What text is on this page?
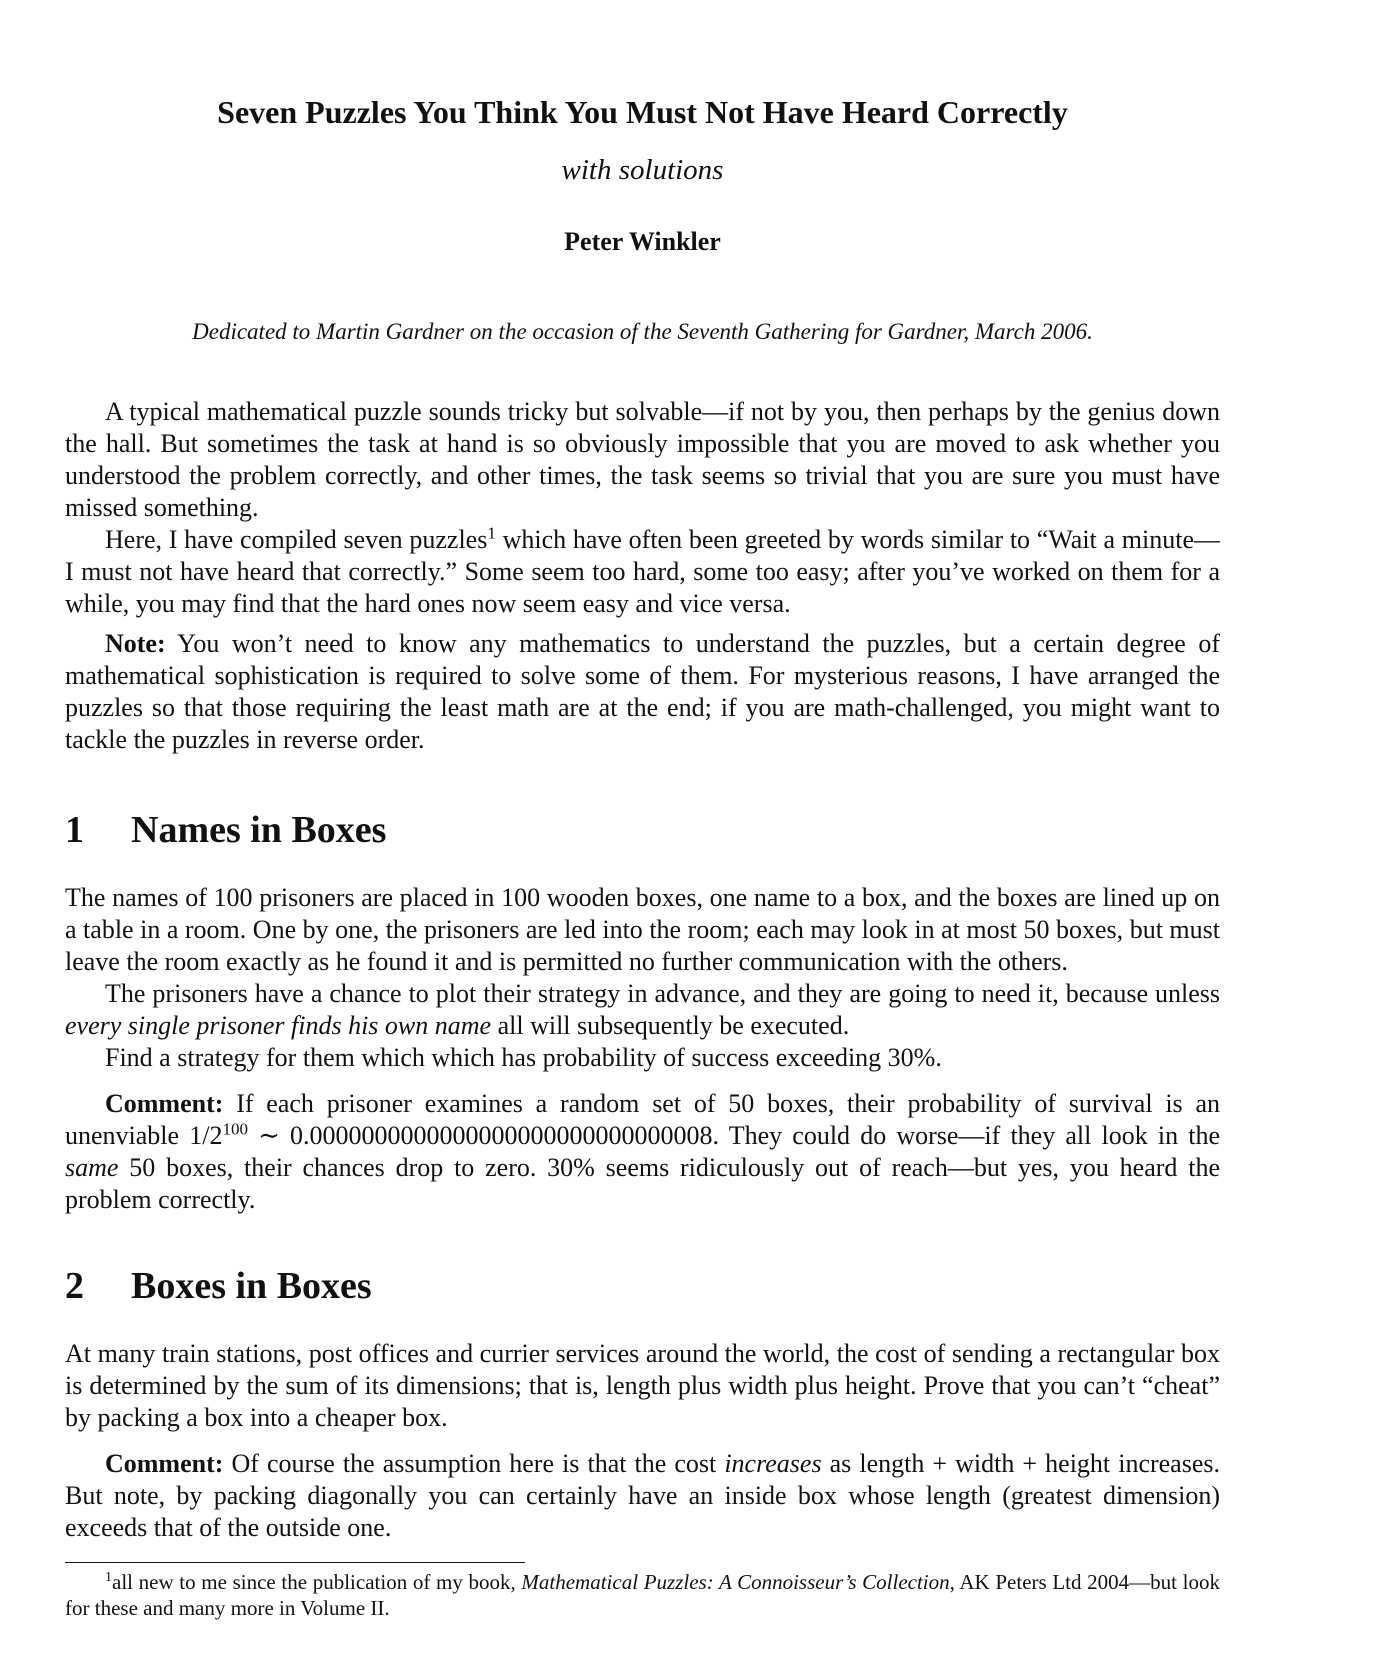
Seven Puzzles You Think You Must Not Have Heard Correctly
with solutions
Peter Winkler
Dedicated to Martin Gardner on the occasion of the Seventh Gathering for Gardner, March 2006.

A typical mathematical puzzle sounds tricky but solvable—if not by you, then perhaps by the genius down the hall. But sometimes the task at hand is so obviously impossible that you are moved to ask whether you understood the problem correctly, and other times, the task seems so trivial that you are sure you must have missed something.

Here, I have compiled seven puzzles$^1$ which have often been greeted by words similar to “Wait a minute—I must not have heard that correctly.” Some seem too hard, some too easy; after you’ve worked on them for a while, you may find that the hard ones now seem easy and vice versa.

Note: You won’t need to know any mathematics to understand the puzzles, but a certain degree of mathematical sophistication is required to solve some of them. For mysterious reasons, I have arranged the puzzles so that those requiring the least math are at the end; if you are math-challenged, you might want to tackle the puzzles in reverse order.

1 Names in Boxes

The names of 100 prisoners are placed in 100 wooden boxes, one name to a box, and the boxes are lined up on a table in a room. One by one, the prisoners are led into the room; each may look in at most 50 boxes, but must leave the room exactly as he found it and is permitted no further communication with the others.

The prisoners have a chance to plot their strategy in advance, and they are going to need it, because unless every single prisoner finds his own name all will subsequently be executed.

Find a strategy for them which which has probability of success exceeding 30%.

Comment: If each prisoner examines a random set of 50 boxes, their probability of survival is an unenviable $1/2^{100}$ ∼ 0.0000000000000000000000000000008. They could do worse—if they all look in the same 50 boxes, their chances drop to zero. 30% seems ridiculously out of reach—but yes, you heard the problem correctly.

2 Boxes in Boxes

At many train stations, post offices and currier services around the world, the cost of sending a rectangular box is determined by the sum of its dimensions; that is, length plus width plus height. Prove that you can’t “cheat” by packing a box into a cheaper box.

Comment: Of course the assumption here is that the cost increases as length + width + height increases. But note, by packing diagonally you can certainly have an inside box whose length (greatest dimension) exceeds that of the outside one.

$^1$all new to me since the publication of my book, Mathematical Puzzles: A Connoisseur’s Collection, AK Peters Ltd 2004—but look for these and many more in Volume II.
